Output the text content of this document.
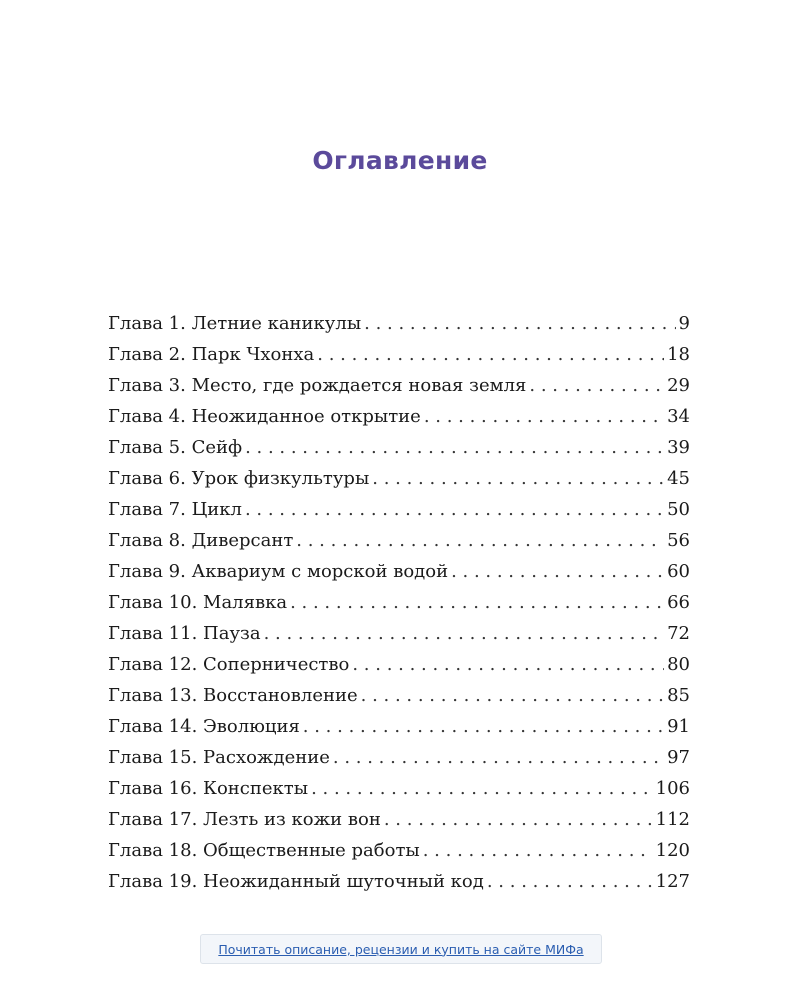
Оглавление
Глава 1. Летние каникулы . . .	9
Глава 2. Парк Чхонха . . .	18
Глава 3. Место, где рождается новая земля . . .	29
Глава 4. Неожиданное открытие . . .	34
Глава 5. Сейф . . .	39
Глава 6. Урок физкультуры . . .	45
Глава 7. Цикл . . .	50
Глава 8. Диверсант . . .	56
Глава 9. Аквариум с морской водой . . .	60
Глава 10. Малявка . . .	66
Глава 11. Пауза . . .	72
Глава 12. Соперничество . . .	80
Глава 13. Восстановление . . .	85
Глава 14. Эволюция . . .	91
Глава 15. Расхождение . . .	97
Глава 16. Конспекты . . .	106
Глава 17. Лезть из кожи вон . . .	112
Глава 18. Общественные работы . . .	120
Глава 19. Неожиданный шуточный код . . .	127
Почитать описание, рецензии и купить на сайте МИФа
